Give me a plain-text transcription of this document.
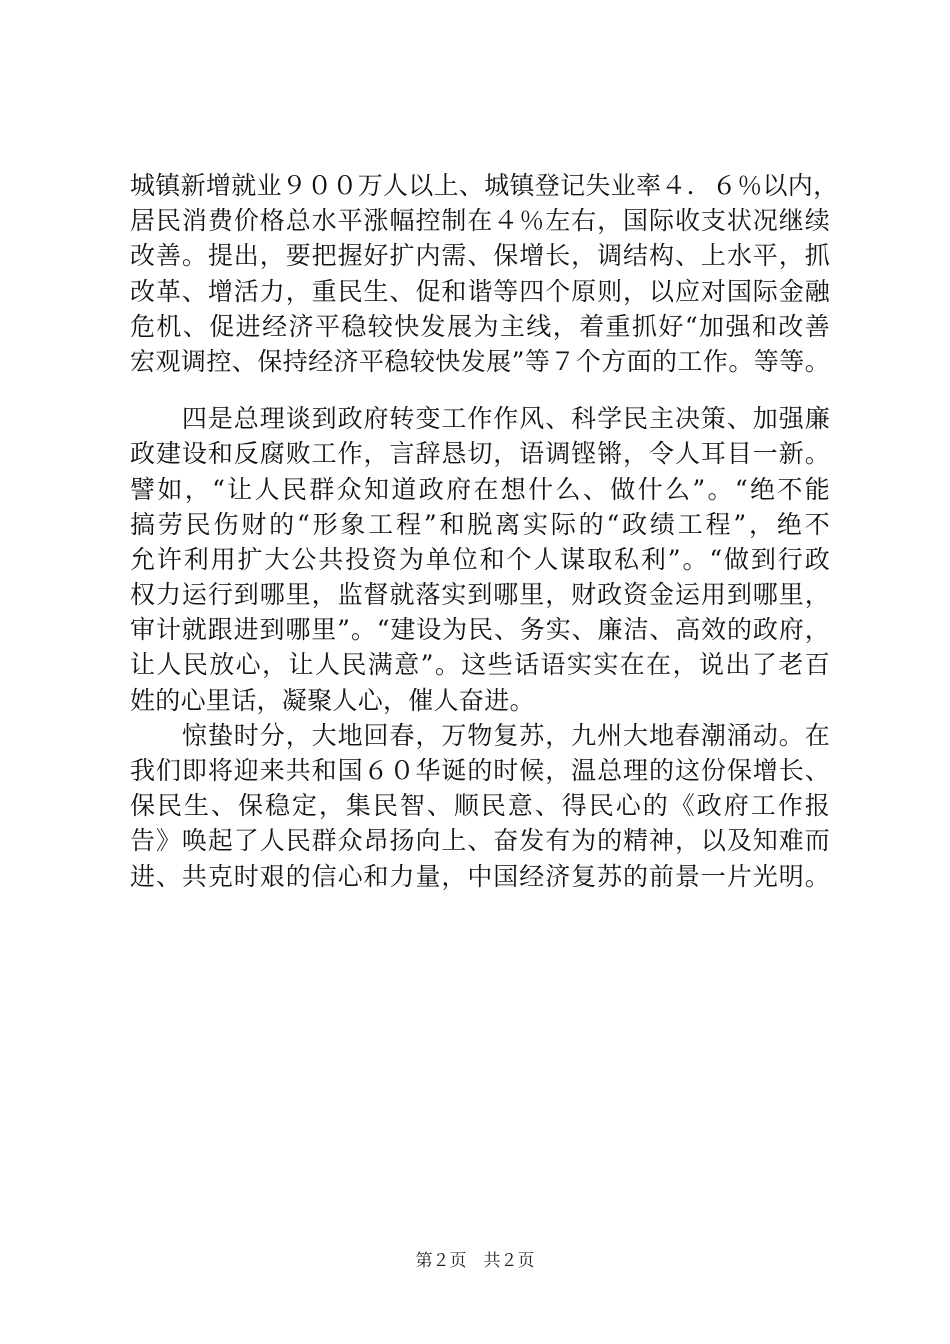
城镇新增就业９００万人以上、城镇登记失业率４．６％以内，
居民消费价格总水平涨幅控制在４％左右，国际收支状况继续
改善。提出，要把握好扩内需、保增长，调结构、上水平，抓
改革、增活力，重民生、促和谐等四个原则，以应对国际金融
危机、促进经济平稳较快发展为主线，着重抓好“加强和改善
宏观调控、保持经济平稳较快发展”等７个方面的工作。等等。
　　四是总理谈到政府转变工作作风、科学民主决策、加强廉
政建设和反腐败工作，言辞恳切，语调铿锵，令人耳目一新。
譬如，“让人民群众知道政府在想什么、做什么”。“绝不能
搞劳民伤财的“形象工程”和脱离实际的“政绩工程”，绝不
允许利用扩大公共投资为单位和个人谋取私利”。“做到行政
权力运行到哪里，监督就落实到哪里，财政资金运用到哪里，
审计就跟进到哪里”。“建设为民、务实、廉洁、高效的政府，
让人民放心，让人民满意”。这些话语实实在在，说出了老百
姓的心里话，凝聚人心，催人奋进。
　　惊蛰时分，大地回春，万物复苏，九州大地春潮涌动。在
我们即将迎来共和国６０华诞的时候，温总理的这份保增长、
保民生、保稳定，集民智、顺民意、得民心的《政府工作报
告》唤起了人民群众昂扬向上、奋发有为的精神，以及知难而
进、共克时艰的信心和力量，中国经济复苏的前景一片光明。
第２页　共２页
